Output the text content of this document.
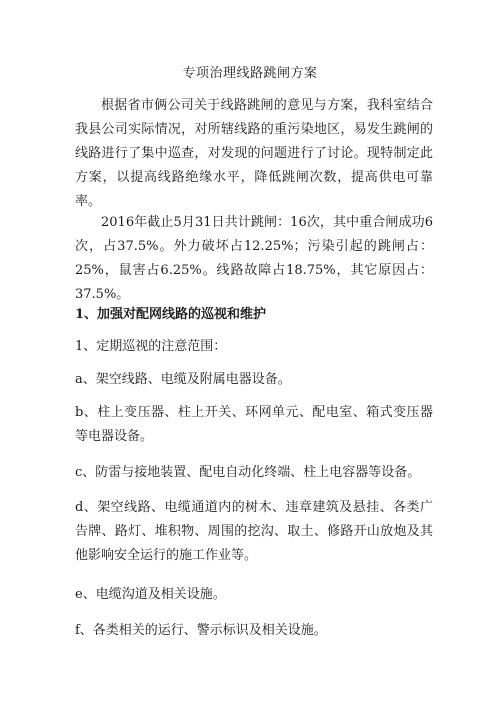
专项治理线路跳闸方案

根据省市俩公司关于线路跳闸的意见与方案，我科室结合我县公司实际情况，对所辖线路的重污染地区，易发生跳闸的线路进行了集中巡查，对发现的问题进行了讨论。现特制定此方案，以提高线路绝缘水平，降低跳闸次数，提高供电可靠率。

2016年截止5月31日共计跳闸：16次，其中重合闸成功6次，占37.5%。外力破坏占12.25%；污染引起的跳闸占：25%，鼠害占6.25%。线路故障占18.75%，其它原因占：37.5%。

1、加强对配网线路的巡视和维护

1、定期巡视的注意范围：

a、架空线路、电缆及附属电器设备。

b、柱上变压器、柱上开关、环网单元、配电室、箱式变压器等电器设备。

c、防雷与接地装置、配电自动化终端、柱上电容器等设备。

d、架空线路、电缆通道内的树木、违章建筑及悬挂、各类广告牌、路灯、堆积物、周围的挖沟、取土、修路开山放炮及其他影响安全运行的施工作业等。

e、电缆沟道及相关设施。

f、各类相关的运行、警示标识及相关设施。
